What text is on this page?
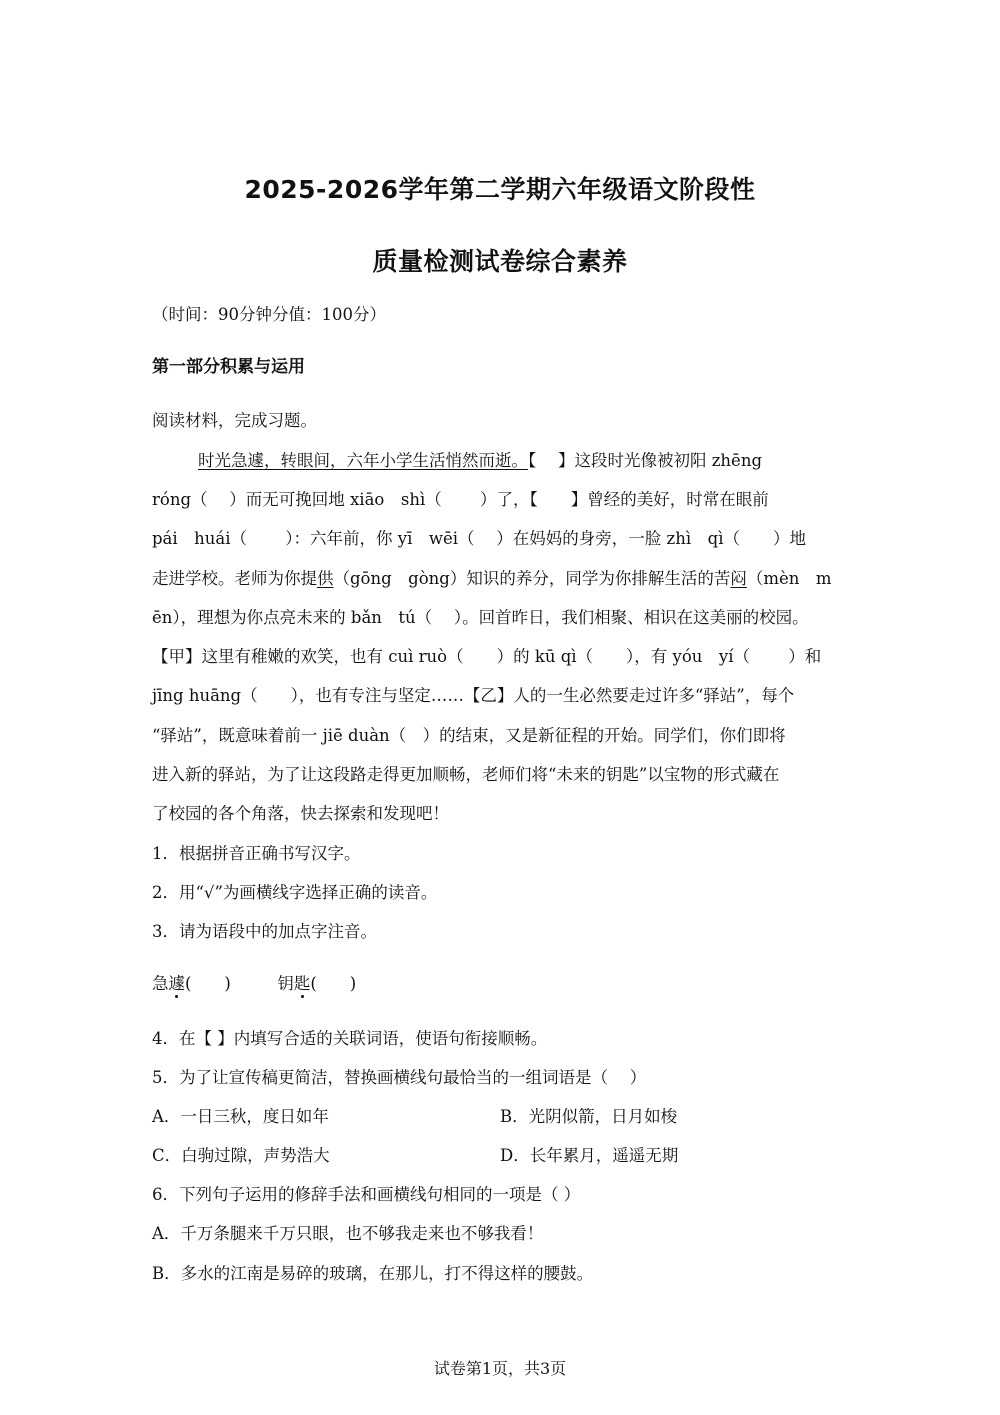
2025-2026学年第二学期六年级语文阶段性
质量检测试卷综合素养
（时间：90分钟分值：100分）
第一部分积累与运用
阅读材料，完成习题。
时光急遽，转眼间，六年小学生活悄然而逝。【　 】这段时光像被初阳 zhēng
róng（　 ）而无可挽回地 xiāo　shì（　　 ）了，【　　】曾经的美好，时常在眼前
pái　huái（　　 ）：六年前，你 yī　wēi（　 ）在妈妈的身旁，一脸 zhì　qì（　　）地
走进学校。老师为你提供（gōng　gòng）知识的养分，同学为你排解生活的苦闷（mèn　m
ēn），理想为你点亮未来的 bǎn　tú（　 ）。回首昨日，我们相聚、相识在这美丽的校园。
【甲】这里有稚嫩的欢笑，也有 cuì ruò（　　）的 kū qì（　　），有 yóu　yí（　　 ）和
jīng huāng（　　），也有专注与坚定……【乙】人的一生必然要走过许多“驿站”，每个
“驿站”，既意味着前一 jiē duàn（　）的结束，又是新征程的开始。同学们，你们即将
进入新的驿站，为了让这段路走得更加顺畅，老师们将“未来的钥匙”以宝物的形式藏在
了校园的各个角落，快去探索和发现吧！
1．根据拼音正确书写汉字。
2．用“√”为画横线字选择正确的读音。
3．请为语段中的加点字注音。
急遽(　　)	钥匙(　　)
4．在【 】内填写合适的关联词语，使语句衔接顺畅。
5．为了让宣传稿更简洁，替换画横线句最恰当的一组词语是（　 ）
A．一日三秋，度日如年	B．光阴似箭，日月如梭
C．白驹过隙，声势浩大	D．长年累月，遥遥无期
6．下列句子运用的修辞手法和画横线句相同的一项是（ ）
A．千万条腿来千万只眼，也不够我走来也不够我看！
B．多水的江南是易碎的玻璃，在那儿，打不得这样的腰鼓。
试卷第1页，共3页
